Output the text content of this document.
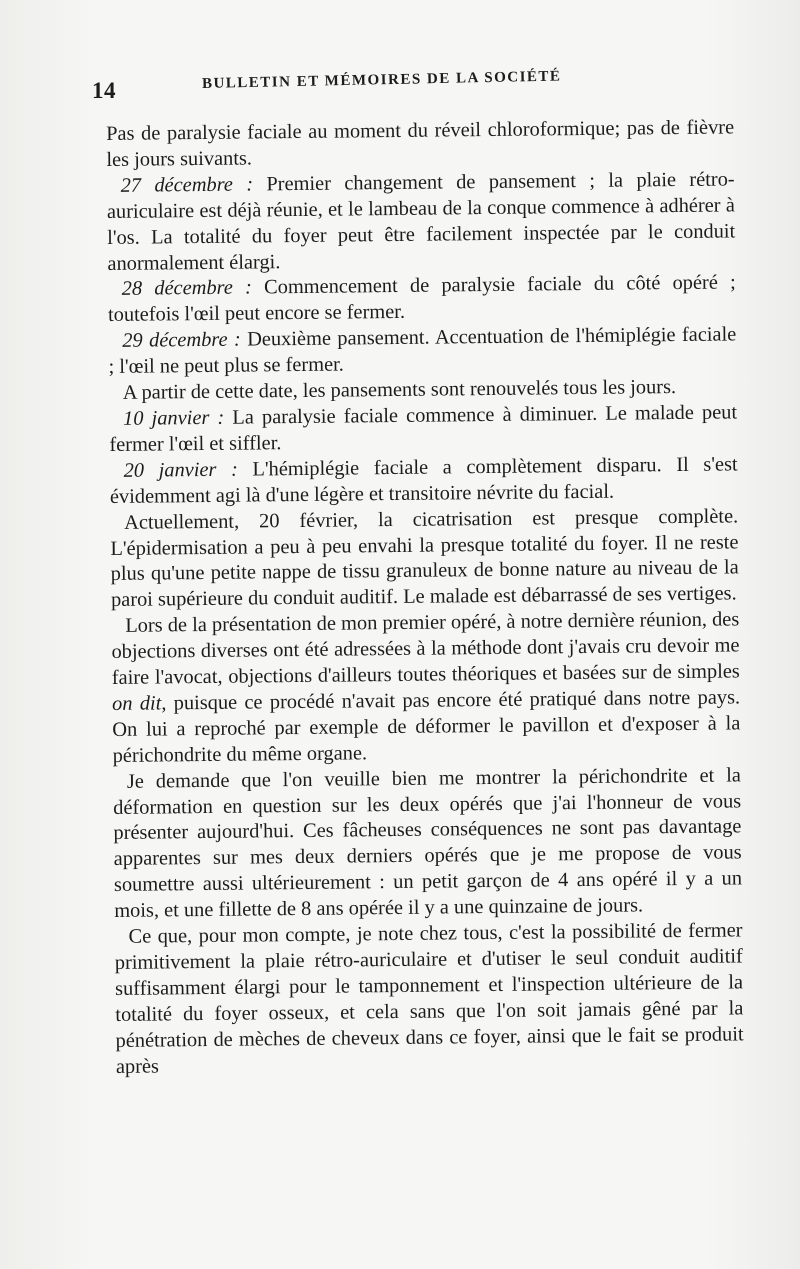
14	BULLETIN ET MÉMOIRES DE LA SOCIÉTÉ

Pas de paralysie faciale au moment du réveil chloroformique; pas de fièvre les jours suivants.

27 décembre : Premier changement de pansement ; la plaie rétro-auriculaire est déjà réunie, et le lambeau de la conque commence à adhérer à l'os. La totalité du foyer peut être facilement inspectée par le conduit anormalement élargi.

28 décembre : Commencement de paralysie faciale du côté opéré ; toutefois l'œil peut encore se fermer.

29 décembre : Deuxième pansement. Accentuation de l'hémiplégie faciale ; l'œil ne peut plus se fermer.

A partir de cette date, les pansements sont renouvelés tous les jours.

10 janvier : La paralysie faciale commence à diminuer. Le malade peut fermer l'œil et siffler.

20 janvier : L'hémiplégie faciale a complètement disparu. Il s'est évidemment agi là d'une légère et transitoire névrite du facial.

Actuellement, 20 février, la cicatrisation est presque complète. L'épidermisation a peu à peu envahi la presque totalité du foyer. Il ne reste plus qu'une petite nappe de tissu granuleux de bonne nature au niveau de la paroi supérieure du conduit auditif. Le malade est débarrassé de ses vertiges.

Lors de la présentation de mon premier opéré, à notre dernière réunion, des objections diverses ont été adressées à la méthode dont j'avais cru devoir me faire l'avocat, objections d'ailleurs toutes théoriques et basées sur de simples on dit, puisque ce procédé n'avait pas encore été pratiqué dans notre pays. On lui a reproché par exemple de déformer le pavillon et d'exposer à la périchondrite du même organe.

Je demande que l'on veuille bien me montrer la périchondrite et la déformation en question sur les deux opérés que j'ai l'honneur de vous présenter aujourd'hui. Ces fâcheuses conséquences ne sont pas davantage apparentes sur mes deux derniers opérés que je me propose de vous soumettre aussi ultérieurement : un petit garçon de 4 ans opéré il y a un mois, et une fillette de 8 ans opérée il y a une quinzaine de jours.

Ce que, pour mon compte, je note chez tous, c'est la possibilité de fermer primitivement la plaie rétro-auriculaire et d'utiser le seul conduit auditif suffisamment élargi pour le tamponnement et l'inspection ultérieure de la totalité du foyer osseux, et cela sans que l'on soit jamais gêné par la pénétration de mèches de cheveux dans ce foyer, ainsi que le fait se produit après
